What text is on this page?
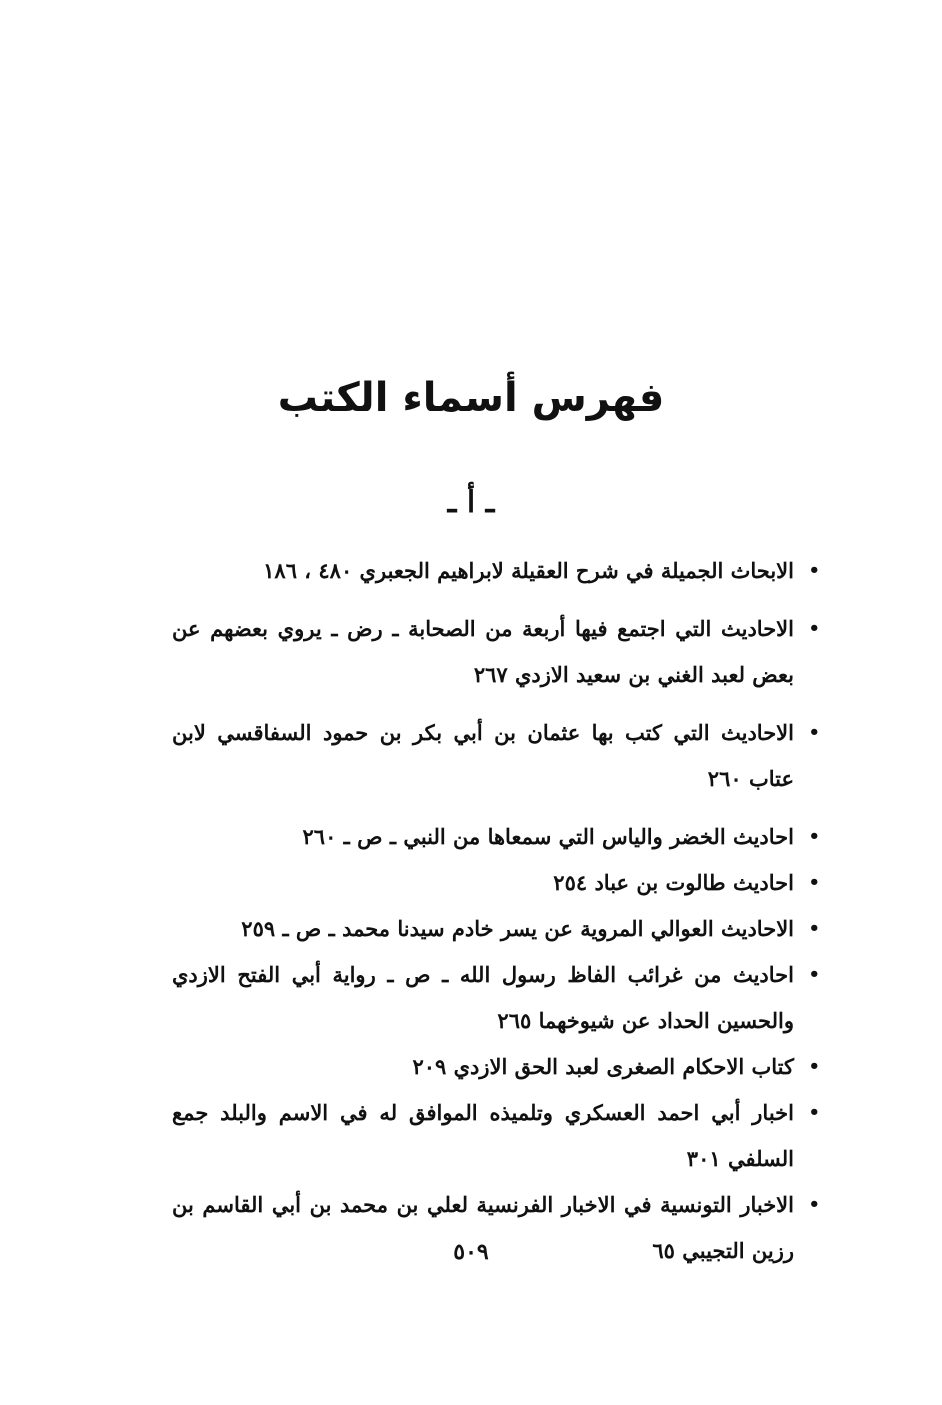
فهرس أسماء الكتب
ـ أ ـ
•
الابحاث الجميلة في شرح العقيلة لابراهيم الجعبري ٤٨٠ ، ١٨٦
•
الاحاديث التي اجتمع فيها أربعة من الصحابة ـ رض ـ يروي بعضهم عن بعض لعبد الغني بن سعيد الازدي ٢٦٧
•
الاحاديث التي كتب بها عثمان بن أبي بكر بن حمود السفاقسي لابن عتاب ٢٦٠
•
احاديث الخضر والياس التي سمعاها من النبي ـ ص ـ ٢٦٠
•
احاديث طالوت بن عباد ٢٥٤
•
الاحاديث العوالي المروية عن يسر خادم سيدنا محمد ـ ص ـ ٢٥٩
•
احاديث من غرائب الفاظ رسول الله ـ ص ـ رواية أبي الفتح الازدي والحسين الحداد عن شيوخهما ٢٦٥
•
كتاب الاحكام الصغرى لعبد الحق الازدي ٢٠٩
•
اخبار أبي احمد العسكري وتلميذه الموافق له في الاسم والبلد جمع السلفي ٣٠١
•
الاخبار التونسية في الاخبار الفرنسية لعلي بن محمد بن أبي القاسم بن رزين التجيبي ٦٥
٥٠٩
